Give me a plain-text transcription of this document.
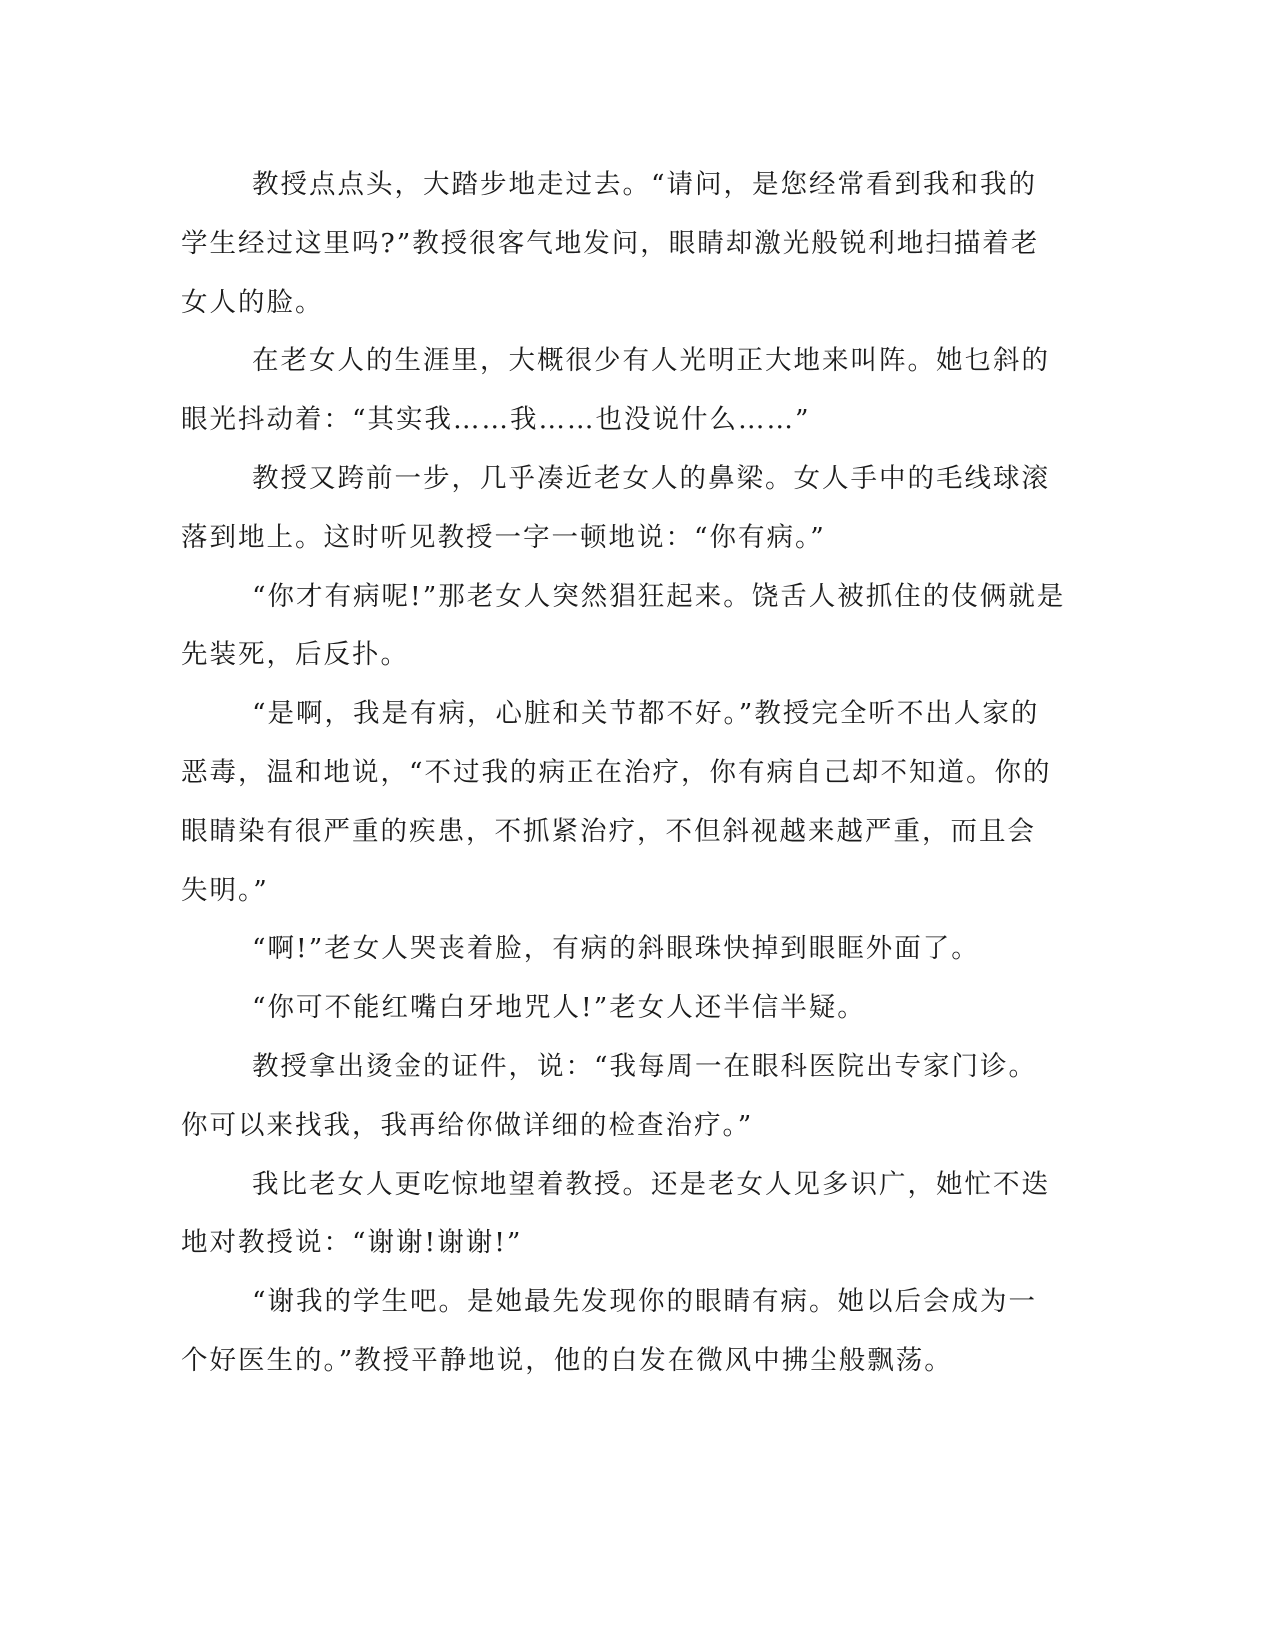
教授点点头，大踏步地走过去。“请问，是您经常看到我和我的
学生经过这里吗?”教授很客气地发问，眼睛却激光般锐利地扫描着老
女人的脸。
在老女人的生涯里，大概很少有人光明正大地来叫阵。她乜斜的
眼光抖动着：“其实我……我……也没说什么……”
教授又跨前一步，几乎凑近老女人的鼻梁。女人手中的毛线球滚
落到地上。这时听见教授一字一顿地说：“你有病。”
“你才有病呢!”那老女人突然猖狂起来。饶舌人被抓住的伎俩就是
先装死，后反扑。
“是啊，我是有病，心脏和关节都不好。”教授完全听不出人家的
恶毒，温和地说，“不过我的病正在治疗，你有病自己却不知道。你的
眼睛染有很严重的疾患，不抓紧治疗，不但斜视越来越严重，而且会
失明。”
“啊!”老女人哭丧着脸，有病的斜眼珠快掉到眼眶外面了。
“你可不能红嘴白牙地咒人!”老女人还半信半疑。
教授拿出烫金的证件，说：“我每周一在眼科医院出专家门诊。
你可以来找我，我再给你做详细的检查治疗。”
我比老女人更吃惊地望着教授。还是老女人见多识广，她忙不迭
地对教授说：“谢谢!谢谢!”
“谢我的学生吧。是她最先发现你的眼睛有病。她以后会成为一
个好医生的。”教授平静地说，他的白发在微风中拂尘般飘荡。
